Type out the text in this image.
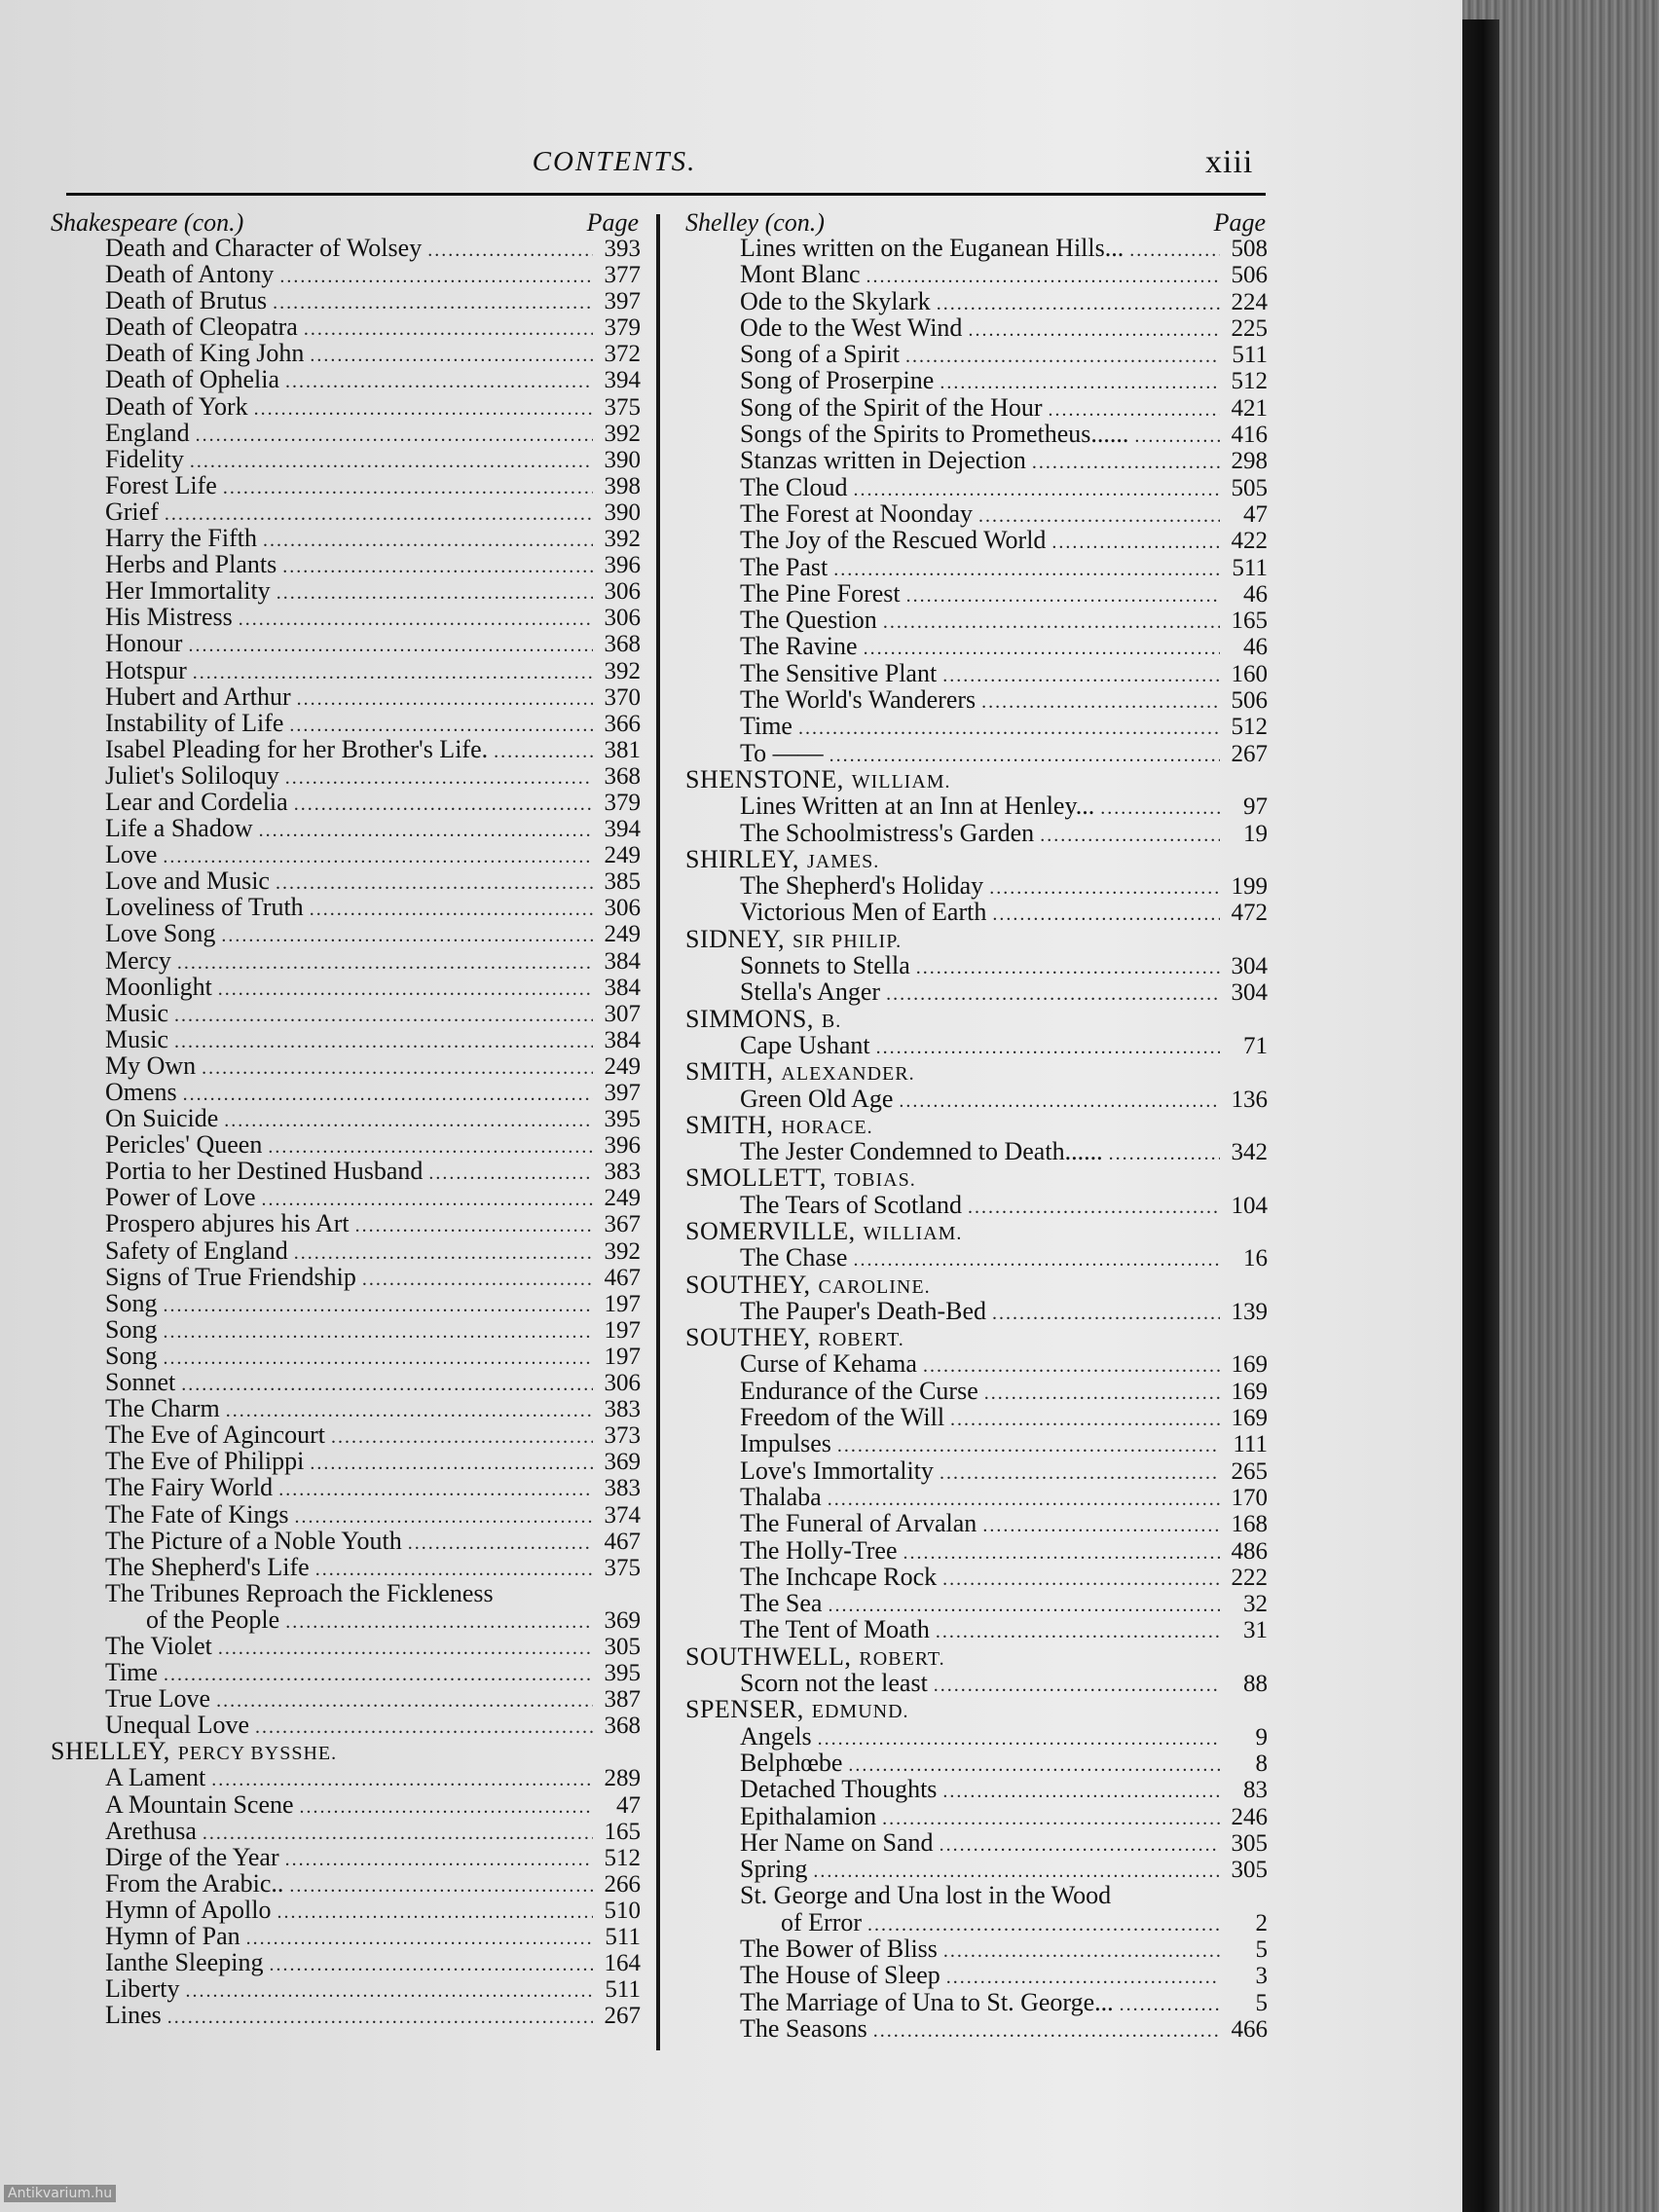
CONTENTS.	xiii
Shakespeare (con.)	Page
Death and Character of Wolsey .....	393
Death of Antony .....	377
Death of Brutus .....	397
Death of Cleopatra .....	379
Death of King John .....	372
Death of Ophelia .....	394
Death of York .....	375
England .....	392
Fidelity .....	390
Forest Life .....	398
Grief .....	390
Harry the Fifth .....	392
Herbs and Plants .....	396
Her Immortality .....	306
His Mistress .....	306
Honour .....	368
Hotspur .....	392
Hubert and Arthur .....	370
Instability of Life .....	366
Isabel Pleading for her Brother's Life. .....	381
Juliet's Soliloquy .....	368
Lear and Cordelia .....	379
Life a Shadow .....	394
Love .....	249
Love and Music .....	385
Loveliness of Truth .....	306
Love Song .....	249
Mercy .....	384
Moonlight .....	384
Music .....	307
Music .....	384
My Own .....	249
Omens .....	397
On Suicide .....	395
Pericles' Queen .....	396
Portia to her Destined Husband .....	383
Power of Love .....	249
Prospero abjures his Art .....	367
Safety of England .....	392
Signs of True Friendship .....	467
Song .....	197
Song .....	197
Song .....	197
Sonnet .....	306
The Charm .....	383
The Eve of Agincourt .....	373
The Eve of Philippi .....	369
The Fairy World .....	383
The Fate of Kings .....	374
The Picture of a Noble Youth .....	467
The Shepherd's Life .....	375
The Tribunes Reproach the Fickleness
of the People .....	369
The Violet .....	305
Time .....	395
True Love .....	387
Unequal Love .....	368
SHELLEY, PERCY BYSSHE.
A Lament .....	289
A Mountain Scene .....	47
Arethusa .....	165
Dirge of the Year .....	512
From the Arabic.. .....	266
Hymn of Apollo .....	510
Hymn of Pan .....	511
Ianthe Sleeping .....	164
Liberty .....	511
Lines .....	267
Shelley (con.)	Page
Lines written on the Euganean Hills... .....	508
Mont Blanc .....	506
Ode to the Skylark .....	224
Ode to the West Wind .....	225
Song of a Spirit .....	511
Song of Proserpine .....	512
Song of the Spirit of the Hour .....	421
Songs of the Spirits to Prometheus...... .....	416
Stanzas written in Dejection .....	298
The Cloud .....	505
The Forest at Noonday .....	47
The Joy of the Rescued World .....	422
The Past .....	511
The Pine Forest .....	46
The Question .....	165
The Ravine .....	46
The Sensitive Plant .....	160
The World's Wanderers .....	506
Time .....	512
To —— .....	267
SHENSTONE, WILLIAM.
Lines Written at an Inn at Henley... .....	97
The Schoolmistress's Garden .....	19
SHIRLEY, JAMES.
The Shepherd's Holiday .....	199
Victorious Men of Earth .....	472
SIDNEY, SIR PHILIP.
Sonnets to Stella .....	304
Stella's Anger .....	304
SIMMONS, B.
Cape Ushant .....	71
SMITH, ALEXANDER.
Green Old Age .....	136
SMITH, HORACE.
The Jester Condemned to Death...... .....	342
SMOLLETT, TOBIAS.
The Tears of Scotland .....	104
SOMERVILLE, WILLIAM.
The Chase .....	16
SOUTHEY, CAROLINE.
The Pauper's Death-Bed .....	139
SOUTHEY, ROBERT.
Curse of Kehama .....	169
Endurance of the Curse .....	169
Freedom of the Will .....	169
Impulses .....	111
Love's Immortality .....	265
Thalaba .....	170
The Funeral of Arvalan .....	168
The Holly-Tree .....	486
The Inchcape Rock .....	222
The Sea .....	32
The Tent of Moath .....	31
SOUTHWELL, ROBERT.
Scorn not the least .....	88
SPENSER, EDMUND.
Angels .....	9
Belphœbe .....	8
Detached Thoughts .....	83
Epithalamion .....	246
Her Name on Sand .....	305
Spring .....	305
St. George and Una lost in the Wood
of Error .....	2
The Bower of Bliss .....	5
The House of Sleep .....	3
The Marriage of Una to St. George... .....	5
The Seasons .....	466
Antikvarium.hu
